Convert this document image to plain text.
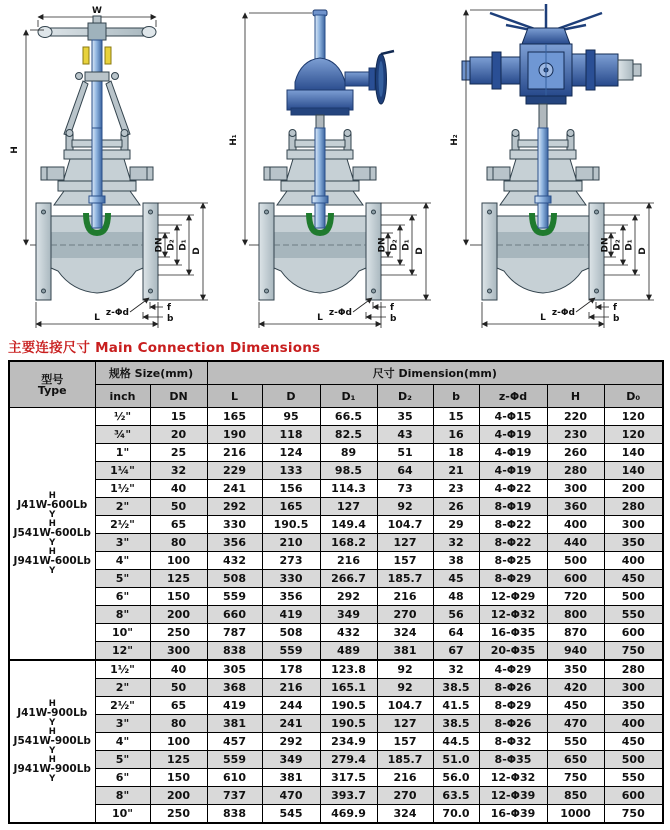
W
H
DN D₂ D₁
D
z-Φd
L
f
b
H₁
DN D₂ D₁
D
z-Φd
L
f
b
H₂
DN D₂ D₁
D
z-Φd
L
f
b
主要连接尺寸 Main Connection Dimensions
型号
Type	规格 Size(mm)		尺寸 Dimension(mm)							
	inch	DN	L	D	D₁	D₂	b	z-Φd	H	D₀

H
J41W-600Lb
Y
H
J541W-600Lb
Y
H
J941W-600Lb
Y
	½"	15	165	95	66.5	35	15	4-Φ15	220	120
	¾"	20	190	118	82.5	43	16	4-Φ19	230	120
	1"	25	216	124	89	51	18	4-Φ19	260	140
	1¼"	32	229	133	98.5	64	21	4-Φ19	280	140
	1½"	40	241	156	114.3	73	23	4-Φ22	300	200
	2"	50	292	165	127	92	26	8-Φ19	360	280
	2½"	65	330	190.5	149.4	104.7	29	8-Φ22	400	300
	3"	80	356	210	168.2	127	32	8-Φ22	440	350
	4"	100	432	273	216	157	38	8-Φ25	500	400
	5"	125	508	330	266.7	185.7	45	8-Φ29	600	450
	6"	150	559	356	292	216	48	12-Φ29	720	500
	8"	200	660	419	349	270	56	12-Φ32	800	550
	10"	250	787	508	432	324	64	16-Φ35	870	600
	12"	300	838	559	489	381	67	20-Φ35	940	750

H
J41W-900Lb
Y
H
J541W-900Lb
Y
H
J941W-900Lb
Y
	1½"	40	305	178	123.8	92	32	4-Φ29	350	280
	2"	50	368	216	165.1	92	38.5	8-Φ26	420	300
	2½"	65	419	244	190.5	104.7	41.5	8-Φ29	450	350
	3"	80	381	241	190.5	127	38.5	8-Φ26	470	400
	4"	100	457	292	234.9	157	44.5	8-Φ32	550	450
	5"	125	559	349	279.4	185.7	51.0	8-Φ35	650	500
	6"	150	610	381	317.5	216	56.0	12-Φ32	750	550
	8"	200	737	470	393.7	270	63.5	12-Φ39	850	600
	10"	250	838	545	469.9	324	70.0	16-Φ39	1000	750
